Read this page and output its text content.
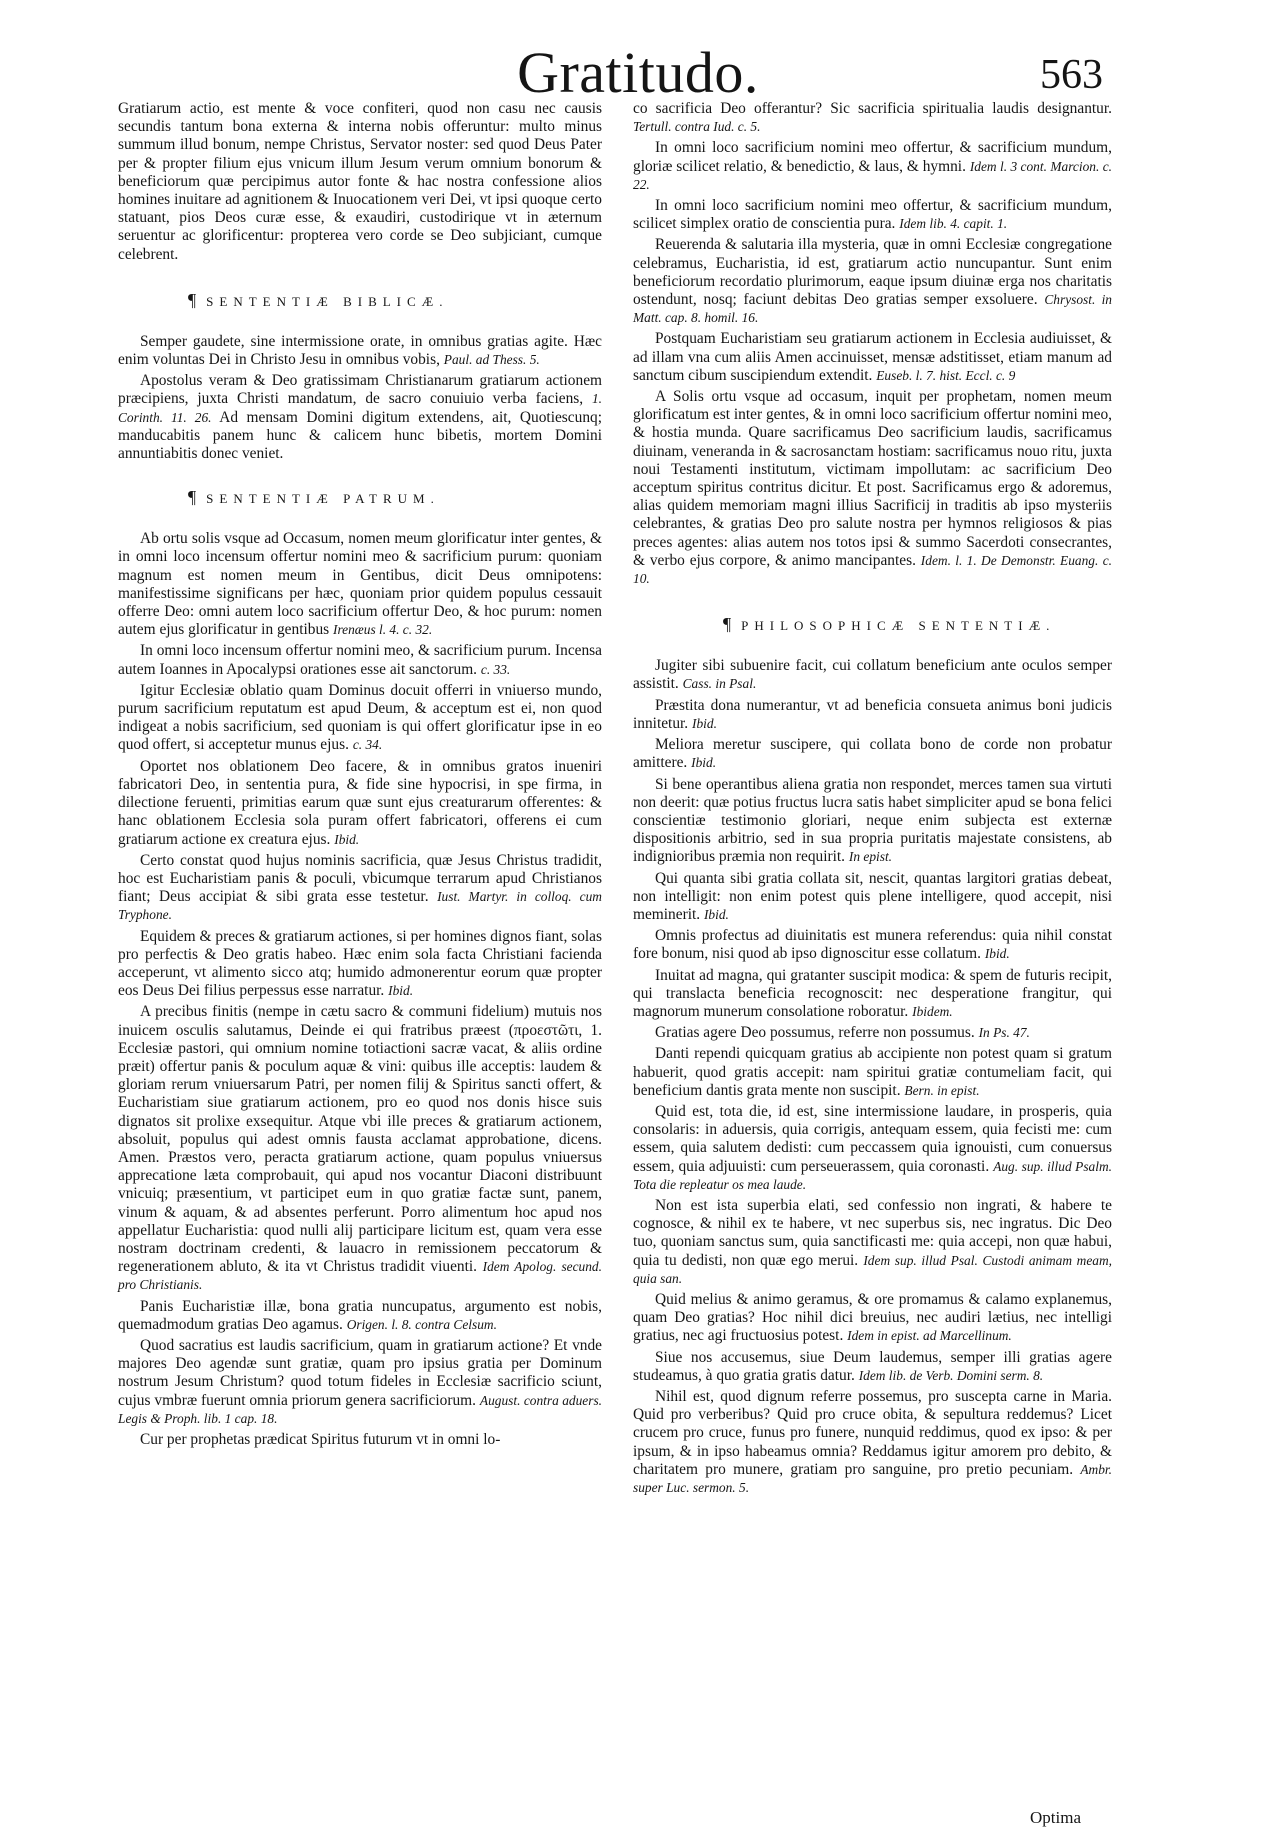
Gratitudo.	563

Gratiarum actio, est mente & voce confiteri, quod non casu nec causis secundis tantum bona externa & interna nobis offeruntur: multo minus summum illud bonum, nempe Christus, Servator noster: sed quod Deus Pater per & propter filium ejus vnicum illum Jesum verum omnium bonorum & beneficiorum quæ percipimus autor fonte & hac nostra confessione alios homines inuitare ad agnitionem & Inuocationem veri Dei, vt ipsi quoque certo statuant, pios Deos curæ esse, & exaudiri, custodirique vt in æternum seruentur ac glorificentur: propterea vero corde se Deo subjiciant, cumque celebrent.

¶ SENTENTIÆ BIBLICÆ.

Semper gaudete, sine intermissione orate, in omnibus gratias agite. Hæc enim voluntas Dei in Christo Jesu in omnibus vobis, Paul. ad Thess. 5.

Apostolus veram & Deo gratissimam Christianarum gratiarum actionem præcipiens, juxta Christi mandatum, de sacro conuiuio verba faciens, 1. Corinth. 11. 26. Ad mensam Domini digitum extendens, ait, Quotiescunq; manducabitis panem hunc & calicem hunc bibetis, mortem Domini annuntiabitis donec veniet.

¶ SENTENTIÆ PATRUM.

Ab ortu solis vsque ad Occasum, nomen meum glorificatur inter gentes, & in omni loco incensum offertur nomini meo & sacrificium purum: quoniam magnum est nomen meum in Gentibus, dicit Deus omnipotens: manifestissime significans per hæc, quoniam prior quidem populus cessauit offerre Deo: omni autem loco sacrificium offertur Deo, & hoc purum: nomen autem ejus glorificatur in gentibus Irenæus l. 4. c. 32.

In omni loco incensum offertur nomini meo, & sacrificium purum. Incensa autem Ioannes in Apocalypsi orationes esse ait sanctorum. c. 33.

Igitur Ecclesiæ oblatio quam Dominus docuit offerri in vniuerso mundo, purum sacrificium reputatum est apud Deum, & acceptum est ei, non quod indigeat a nobis sacrificium, sed quoniam is qui offert glorificatur ipse in eo quod offert, si acceptetur munus ejus. c. 34.

Oportet nos oblationem Deo facere, & in omnibus gratos inueniri fabricatori Deo, in sententia pura, & fide sine hypocrisi, in spe firma, in dilectione feruenti, primitias earum quæ sunt ejus creaturarum offerentes: & hanc oblationem Ecclesia sola puram offert fabricatori, offerens ei cum gratiarum actione ex creatura ejus. Ibid.

Certo constat quod hujus nominis sacrificia, quæ Jesus Christus tradidit, hoc est Eucharistiam panis & poculi, vbicumque terrarum apud Christianos fiant; Deus accipiat & sibi grata esse testetur. Iust. Martyr. in colloq. cum Tryphone.

Equidem & preces & gratiarum actiones, si per homines dignos fiant, solas pro perfectis & Deo gratis habeo. Hæc enim sola facta Christiani facienda acceperunt, vt alimento sicco atq; humido admonerentur eorum quæ propter eos Deus Dei filius perpessus esse narratur. Ibid.

A precibus finitis (nempe in cætu sacro & communi fidelium) mutuis nos inuicem osculis salutamus, Deinde ei qui fratribus præest (προεστῶτι, 1. Ecclesiæ pastori, qui omnium nomine totiactioni sacræ vacat, & aliis ordine præit) offertur panis & poculum aquæ & vini: quibus ille acceptis: laudem & gloriam rerum vniuersarum Patri, per nomen filij & Spiritus sancti offert, & Eucharistiam siue gratiarum actionem, pro eo quod nos donis hisce suis dignatos sit prolixe exsequitur. Atque vbi ille preces & gratiarum actionem, absoluit, populus qui adest omnis fausta acclamat approbatione, dicens. Amen. Præstos vero, peracta gratiarum actione, quam populus vniuersus apprecatione læta comprobauit, qui apud nos vocantur Diaconi distribuunt vnicuiq; præsentium, vt participet eum in quo gratiæ factæ sunt, panem, vinum & aquam, & ad absentes perferunt. Porro alimentum hoc apud nos appellatur Eucharistia: quod nulli alij participare licitum est, quam vera esse nostram doctrinam credenti, & lauacro in remissionem peccatorum & regenerationem abluto, & ita vt Christus tradidit viuenti. Idem Apolog. secund. pro Christianis.

Panis Eucharistiæ illæ, bona gratia nuncupatus, argumento est nobis, quemadmodum gratias Deo agamus. Origen. l. 8. contra Celsum.

Quod sacratius est laudis sacrificium, quam in gratiarum actione? Et vnde majores Deo agendæ sunt gratiæ, quam pro ipsius gratia per Dominum nostrum Jesum Christum? quod totum fideles in Ecclesiæ sacrificio sciunt, cujus vmbræ fuerunt omnia priorum genera sacrificiorum. August. contra aduers. Legis & Proph. lib. 1 cap. 18.

Cur per prophetas prædicat Spiritus futurum vt in omni lo-

co sacrificia Deo offerantur? Sic sacrificia spiritualia laudis designantur. Tertull. contra Iud. c. 5.

In omni loco sacrificium nomini meo offertur, & sacrificium mundum, gloriæ scilicet relatio, & benedictio, & laus, & hymni. Idem l. 3 cont. Marcion. c. 22.

In omni loco sacrificium nomini meo offertur, & sacrificium mundum, scilicet simplex oratio de conscientia pura. Idem lib. 4. capit. 1.

Reuerenda & salutaria illa mysteria, quæ in omni Ecclesiæ congregatione celebramus, Eucharistia, id est, gratiarum actio nuncupantur. Sunt enim beneficiorum recordatio plurimorum, eaque ipsum diuinæ erga nos charitatis ostendunt, nosq; faciunt debitas Deo gratias semper exsoluere. Chrysost. in Matt. cap. 8. homil. 16.

Postquam Eucharistiam seu gratiarum actionem in Ecclesia audiuisset, & ad illam vna cum aliis Amen accinuisset, mensæ adstitisset, etiam manum ad sanctum cibum suscipiendum extendit. Euseb. l. 7. hist. Eccl. c. 9

A Solis ortu vsque ad occasum, inquit per prophetam, nomen meum glorificatum est inter gentes, & in omni loco sacrificium offertur nomini meo, & hostia munda. Quare sacrificamus Deo sacrificium laudis, sacrificamus diuinam, veneranda in & sacrosanctam hostiam: sacrificamus nouo ritu, juxta noui Testamenti institutum, victimam impollutam: ac sacrificium Deo acceptum spiritus contritus dicitur. Et post. Sacrificamus ergo & adoremus, alias quidem memoriam magni illius Sacrificij in traditis ab ipso mysteriis celebrantes, & gratias Deo pro salute nostra per hymnos religiosos & pias preces agentes: alias autem nos totos ipsi & summo Sacerdoti consecrantes, & verbo ejus corpore, & animo mancipantes. Idem. l. 1. De Demonstr. Euang. c. 10.

¶ PHILOSOPHICÆ SENTENTIÆ.

Jugiter sibi subuenire facit, cui collatum beneficium ante oculos semper assistit. Cass. in Psal.

Præstita dona numerantur, vt ad beneficia consueta animus boni judicis innitetur. Ibid.

Meliora meretur suscipere, qui collata bono de corde non probatur amittere. Ibid.

Si bene operantibus aliena gratia non respondet, merces tamen sua virtuti non deerit: quæ potius fructus lucra satis habet simpliciter apud se bona felici conscientiæ testimonio gloriari, neque enim subjecta est externæ dispositionis arbitrio, sed in sua propria puritatis majestate consistens, ab indignioribus præmia non requirit. In epist.

Qui quanta sibi gratia collata sit, nescit, quantas largitori gratias debeat, non intelligit: non enim potest quis plene intelligere, quod accepit, nisi meminerit. Ibid.

Omnis profectus ad diuinitatis est munera referendus: quia nihil constat fore bonum, nisi quod ab ipso dignoscitur esse collatum. Ibid.

Inuitat ad magna, qui gratanter suscipit modica: & spem de futuris recipit, qui translacta beneficia recognoscit: nec desperatione frangitur, qui magnorum munerum consolatione roboratur. Ibidem.

Gratias agere Deo possumus, referre non possumus. In Ps. 47.

Danti rependi quicquam gratius ab accipiente non potest quam si gratum habuerit, quod gratis accepit: nam spiritui gratiæ contumeliam facit, qui beneficium dantis grata mente non suscipit. Bern. in epist.

Quid est, tota die, id est, sine intermissione laudare, in prosperis, quia consolaris: in aduersis, quia corrigis, antequam essem, quia fecisti me: cum essem, quia salutem dedisti: cum peccassem quia ignouisti, cum conuersus essem, quia adjuuisti: cum perseuerassem, quia coronasti. Aug. sup. illud Psalm. Tota die repleatur os mea laude.

Non est ista superbia elati, sed confessio non ingrati, & habere te cognosce, & nihil ex te habere, vt nec superbus sis, nec ingratus. Dic Deo tuo, quoniam sanctus sum, quia sanctificasti me: quia accepi, non quæ habui, quia tu dedisti, non quæ ego merui. Idem sup. illud Psal. Custodi animam meam, quia san.

Quid melius & animo geramus, & ore promamus & calamo explanemus, quam Deo gratias? Hoc nihil dici breuius, nec audiri lætius, nec intelligi gratius, nec agi fructuosius potest. Idem in epist. ad Marcellinum.

Siue nos accusemus, siue Deum laudemus, semper illi gratias agere studeamus, à quo gratia gratis datur. Idem lib. de Verb. Domini serm. 8.

Nihil est, quod dignum referre possemus, pro suscepta carne in Maria. Quid pro verberibus? Quid pro cruce obita, & sepultura reddemus? Licet crucem pro cruce, funus pro funere, nunquid reddimus, quod ex ipso: & per ipsum, & in ipso habeamus omnia? Reddamus igitur amorem pro debito, & charitatem pro munere, gratiam pro sanguine, pro pretio pecuniam. Ambr. super Luc. sermon. 5.

Optima
